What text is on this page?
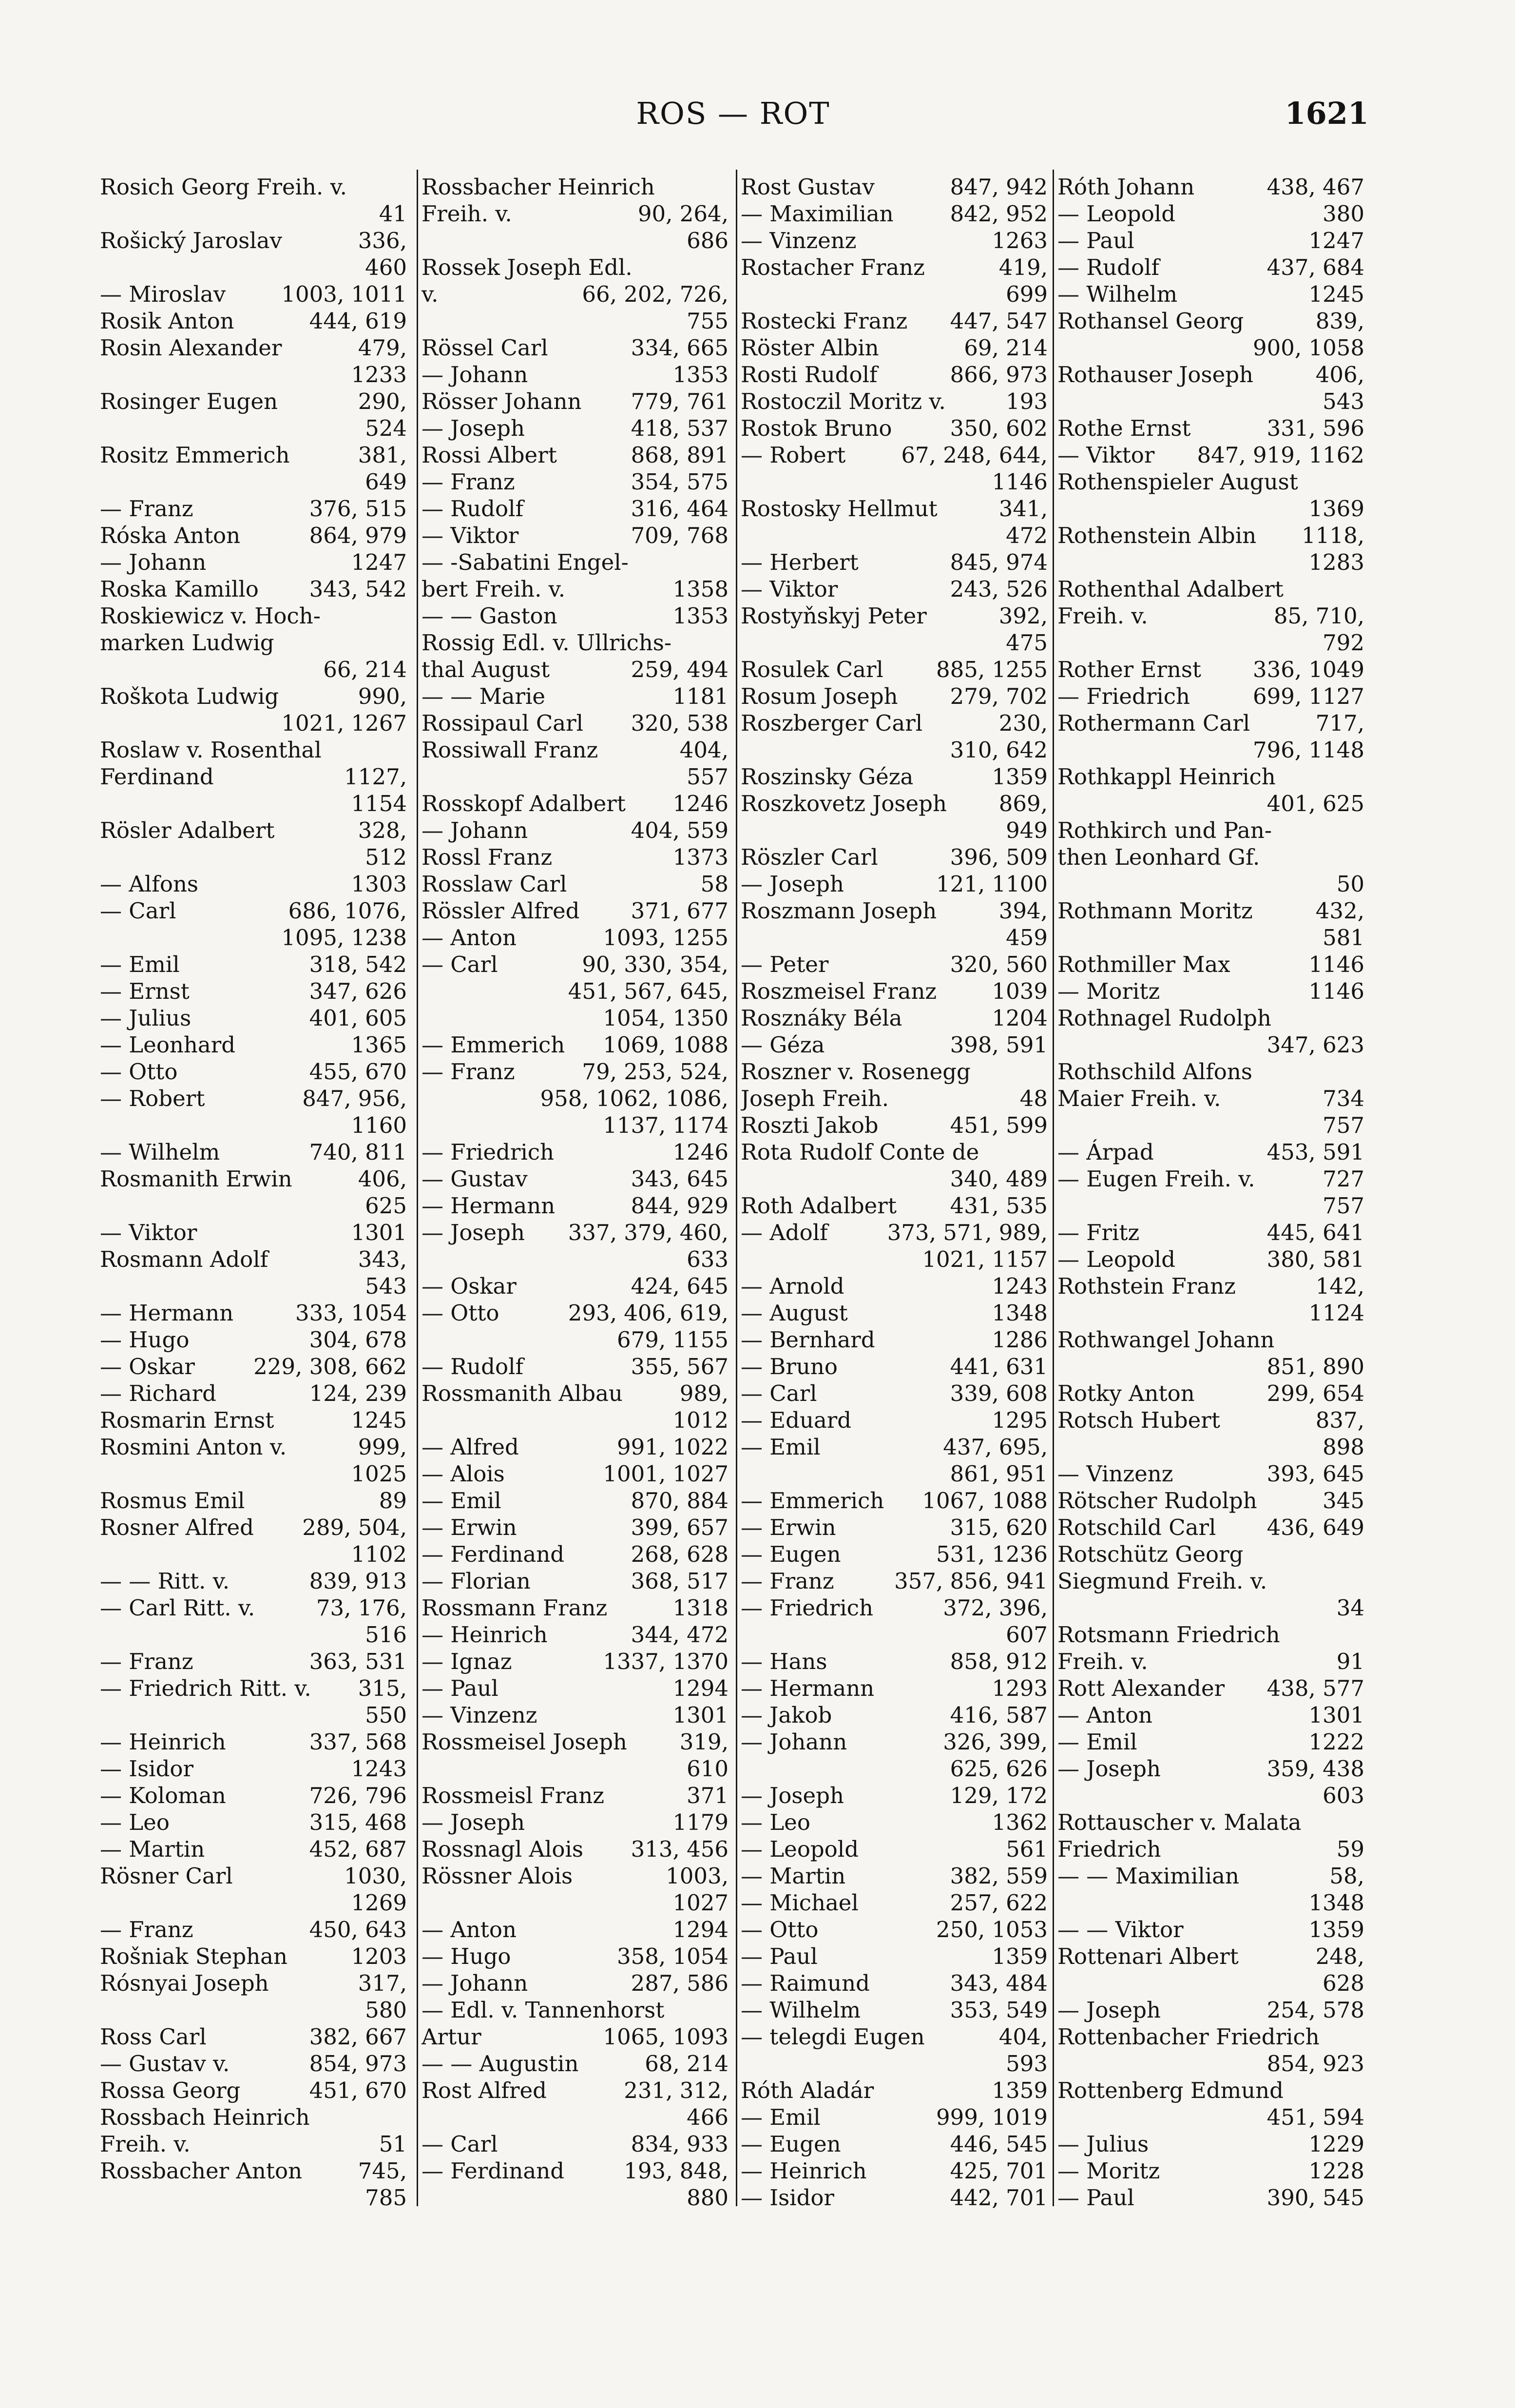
ROS — ROT	1621
Rosich Georg Freih. v.
41
Rošický Jaroslav	336,
460
— Miroslav	1003, 1011
Rosik Anton	444, 619
Rosin Alexander	479,
1233
Rosinger Eugen	290,
524
Rositz Emmerich	381,
649
— Franz	376, 515
Róska Anton	864, 979
— Johann	1247
Roska Kamillo 343, 542
Roskiewicz v. Hoch-
marken Ludwig
66, 214
Roškota Ludwig	990,
1021, 1267
Roslaw v. Rosenthal
Ferdinand	1127,
1154
Rösler Adalbert	328,
512
— Alfons	1303
— Carl	686, 1076,
1095, 1238
— Emil	318, 542
— Ernst	347, 626
— Julius	401, 605
— Leonhard	1365
— Otto	455, 670
— Robert	847, 956,
1160
— Wilhelm	740, 811
Rosmanith Erwin	406,
625
— Viktor	1301
Rosmann Adolf	343,
543
— Hermann	333, 1054
— Hugo	304, 678
— Oskar	229, 308, 662
— Richard	124, 239
Rosmarin Ernst	1245
Rosmini Anton v.	999,
1025
Rosmus Emil	89
Rosner Alfred 289, 504,
1102
— — Ritt. v.	839, 913
— Carl Ritt. v.	73, 176,
516
— Franz	363, 531
— Friedrich Ritt. v. 315,
550
— Heinrich	337, 568
— Isidor	1243
— Koloman	726, 796
— Leo	315, 468
— Martin	452, 687
Rösner Carl	1030,
1269
— Franz	450, 643
Rošniak Stephan	1203
Rósnyai Joseph	317,
580
Ross Carl	382, 667
— Gustav v.	854, 973
Rossa Georg	451, 670
Rossbach Heinrich
Freih. v.	51
Rossbacher Anton	745,
785
Rossbacher Heinrich
Freih. v.	90, 264,
686
Rossek Joseph Edl.
v.	66, 202, 726,
755
Rössel Carl	334, 665
— Johann	1353
Rösser Johann 779, 761
— Joseph	418, 537
Rossi Albert	868, 891
— Franz	354, 575
— Rudolf	316, 464
— Viktor	709, 768
— -Sabatini Engel-
bert Freih. v.	1358
— — Gaston	1353
Rossig Edl. v. Ullrichs-
thal August	259, 494
— — Marie	1181
Rossipaul Carl 320, 538
Rossiwall Franz	404,
557
Rosskopf Adalbert 1246
— Johann	404, 559
Rossl Franz	1373
Rosslaw Carl	58
Rössler Alfred 371, 677
— Anton	1093, 1255
— Carl	90, 330, 354,
451, 567, 645,
1054, 1350
— Emmerich 1069, 1088
— Franz	79, 253, 524,
958, 1062, 1086,
1137, 1174
— Friedrich	1246
— Gustav	343, 645
— Hermann	844, 929
— Joseph 337, 379, 460,
633
— Oskar	424, 645
— Otto	293, 406, 619,
679, 1155
— Rudolf	355, 567
Rossmanith Albau	989,
1012
— Alfred	991, 1022
— Alois	1001, 1027
— Emil	870, 884
— Erwin	399, 657
— Ferdinand	268, 628
— Florian	368, 517
Rossmann Franz	1318
— Heinrich	344, 472
— Ignaz	1337, 1370
— Paul	1294
— Vinzenz	1301
Rossmeisel Joseph 319,
610
Rossmeisl Franz	371
— Joseph	1179
Rossnagl Alois 313, 456
Rössner Alois	1003,
1027
— Anton	1294
— Hugo	358, 1054
— Johann	287, 586
— Edl. v. Tannenhorst
Artur	1065, 1093
— — Augustin	68, 214
Rost Alfred	231, 312,
466
— Carl	834, 933
— Ferdinand	193, 848,
880
Rost Gustav	847, 942
— Maximilian	842, 952
— Vinzenz	1263
Rostacher Franz	419,
699
Rostecki Franz 447, 547
Röster Albin	69, 214
Rosti Rudolf	866, 973
Rostoczil Moritz v.	193
Rostok Bruno	350, 602
— Robert	67, 248, 644,
1146
Rostosky Hellmut	341,
472
— Herbert	845, 974
— Viktor	243, 526
Rostyňskyj Peter	392,
475
Rosulek Carl 885, 1255
Rosum Joseph 279, 702
Roszberger Carl	230,
310, 642
Roszinsky Géza	1359
Roszkovetz Joseph 869,
949
Röszler Carl	396, 509
— Joseph	121, 1100
Roszmann Joseph	394,
459
— Peter	320, 560
Roszmeisel Franz	1039
Rosznáky Béla	1204
— Géza	398, 591
Roszner v. Rosenegg
Joseph Freih.	48
Roszti Jakob	451, 599
Rota Rudolf Conte de
340, 489
Roth Adalbert 431, 535
— Adolf	373, 571, 989,
1021, 1157
— Arnold	1243
— August	1348
— Bernhard	1286
— Bruno	441, 631
— Carl	339, 608
— Eduard	1295
— Emil	437, 695,
861, 951
— Emmerich 1067, 1088
— Erwin	315, 620
— Eugen	531, 1236
— Franz	357, 856, 941
— Friedrich	372, 396,
607
— Hans	858, 912
— Hermann	1293
— Jakob	416, 587
— Johann	326, 399,
625, 626
— Joseph	129, 172
— Leo	1362
— Leopold	561
— Martin	382, 559
— Michael	257, 622
— Otto	250, 1053
— Paul	1359
— Raimund	343, 484
— Wilhelm	353, 549
— telegdi Eugen	404,
593
Róth Aladár	1359
— Emil	999, 1019
— Eugen	446, 545
— Heinrich	425, 701
— Isidor	442, 701
Róth Johann	438, 467
— Leopold	380
— Paul	1247
— Rudolf	437, 684
— Wilhelm	1245
Rothansel Georg	839,
900, 1058
Rothauser Joseph	406,
543
Rothe Ernst	331, 596
— Viktor 847, 919, 1162
Rothenspieler August
1369
Rothenstein Albin 1118,
1283
Rothenthal Adalbert
Freih. v.	85, 710,
792
Rother Ernst 336, 1049
— Friedrich	699, 1127
Rothermann Carl	717,
796, 1148
Rothkappl Heinrich
401, 625
Rothkirch und Pan-
then Leonhard Gf.
50
Rothmann Moritz	432,
581
Rothmiller Max	1146
— Moritz	1146
Rothnagel Rudolph
347, 623
Rothschild Alfons
Maier Freih. v.	734
757
— Árpad	453, 591
— Eugen Freih. v.	727
757
— Fritz	445, 641
— Leopold	380, 581
Rothstein Franz	142,
1124
Rothwangel Johann
851, 890
Rotky Anton	299, 654
Rotsch Hubert	837,
898
— Vinzenz	393, 645
Rötscher Rudolph	345
Rotschild Carl 436, 649
Rotschütz Georg
Siegmund Freih. v.
34
Rotsmann Friedrich
Freih. v.	91
Rott Alexander 438, 577
— Anton	1301
— Emil	1222
— Joseph	359, 438
603
Rottauscher v. Malata
Friedrich	59
— — Maximilian	58,
1348
— — Viktor	1359
Rottenari Albert	248,
628
— Joseph	254, 578
Rottenbacher Friedrich
854, 923
Rottenberg Edmund
451, 594
— Julius	1229
— Moritz	1228
— Paul	390, 545
